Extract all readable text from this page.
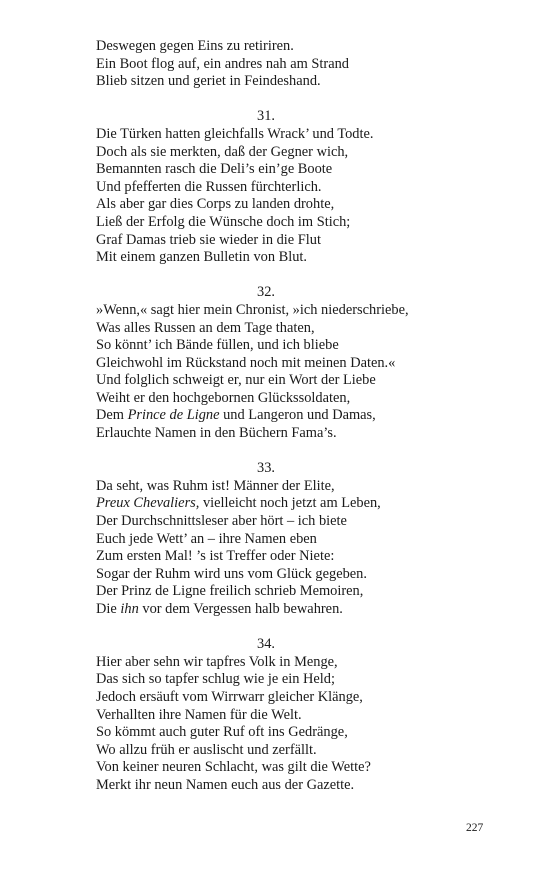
Deswegen gegen Eins zu retiriren.
Ein Boot flog auf, ein andres nah am Strand
Blieb sitzen und geriet in Feindeshand.
31.
Die Türken hatten gleichfalls Wrack’ und Todte.
Doch als sie merkten, daß der Gegner wich,
Bemannten rasch die Deli’s ein’ge Boote
Und pfefferten die Russen fürchterlich.
Als aber gar dies Corps zu landen drohte,
Ließ der Erfolg die Wünsche doch im Stich;
Graf Damas trieb sie wieder in die Flut
Mit einem ganzen Bulletin von Blut.
32.
»Wenn,« sagt hier mein Chronist, »ich niederschriebe,
Was alles Russen an dem Tage thaten,
So könnt’ ich Bände füllen, und ich bliebe
Gleichwohl im Rückstand noch mit meinen Daten.«
Und folglich schweigt er, nur ein Wort der Liebe
Weiht er den hochgebornen Glückssoldaten,
Dem Prince de Ligne und Langeron und Damas,
Erlauchte Namen in den Büchern Fama’s.
33.
Da seht, was Ruhm ist! Männer der Elite,
Preux Chevaliers, vielleicht noch jetzt am Leben,
Der Durchschnittsleser aber hört – ich biete
Euch jede Wett’ an – ihre Namen eben
Zum ersten Mal! ’s ist Treffer oder Niete:
Sogar der Ruhm wird uns vom Glück gegeben.
Der Prinz de Ligne freilich schrieb Memoiren,
Die ihn vor dem Vergessen halb bewahren.
34.
Hier aber sehn wir tapfres Volk in Menge,
Das sich so tapfer schlug wie je ein Held;
Jedoch ersäuft vom Wirrwarr gleicher Klänge,
Verhallten ihre Namen für die Welt.
So kömmt auch guter Ruf oft ins Gedränge,
Wo allzu früh er auslischt und zerfällt.
Von keiner neuren Schlacht, was gilt die Wette?
Merkt ihr neun Namen euch aus der Gazette.
227
